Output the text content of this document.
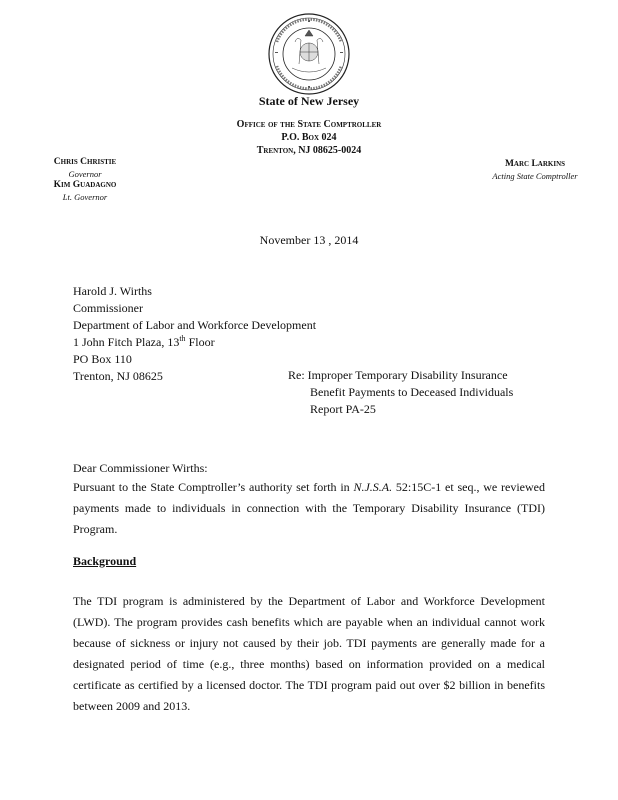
State of New Jersey
Office of the State Comptroller
P.O. Box 024
Trenton, NJ 08625-0024
Chris Christie
Governor
Kim Guadagno
Lt. Governor
Marc Larkins
Acting State Comptroller
November 13 , 2014
Harold J. Wirths
Commissioner
Department of Labor and Workforce Development
1 John Fitch Plaza, 13th Floor
PO Box 110
Trenton, NJ 08625	Re: Improper Temporary Disability Insurance
Benefit Payments to Deceased Individuals
Report PA-25
Dear Commissioner Wirths:
Pursuant to the State Comptroller’s authority set forth in N.J.S.A. 52:15C-1 et seq., we reviewed payments made to individuals in connection with the Temporary Disability Insurance (TDI) Program.
Background
The TDI program is administered by the Department of Labor and Workforce Development (LWD). The program provides cash benefits which are payable when an individual cannot work because of sickness or injury not caused by their job. TDI payments are generally made for a designated period of time (e.g., three months) based on information provided on a medical certificate as certified by a licensed doctor. The TDI program paid out over $2 billion in benefits between 2009 and 2013.
